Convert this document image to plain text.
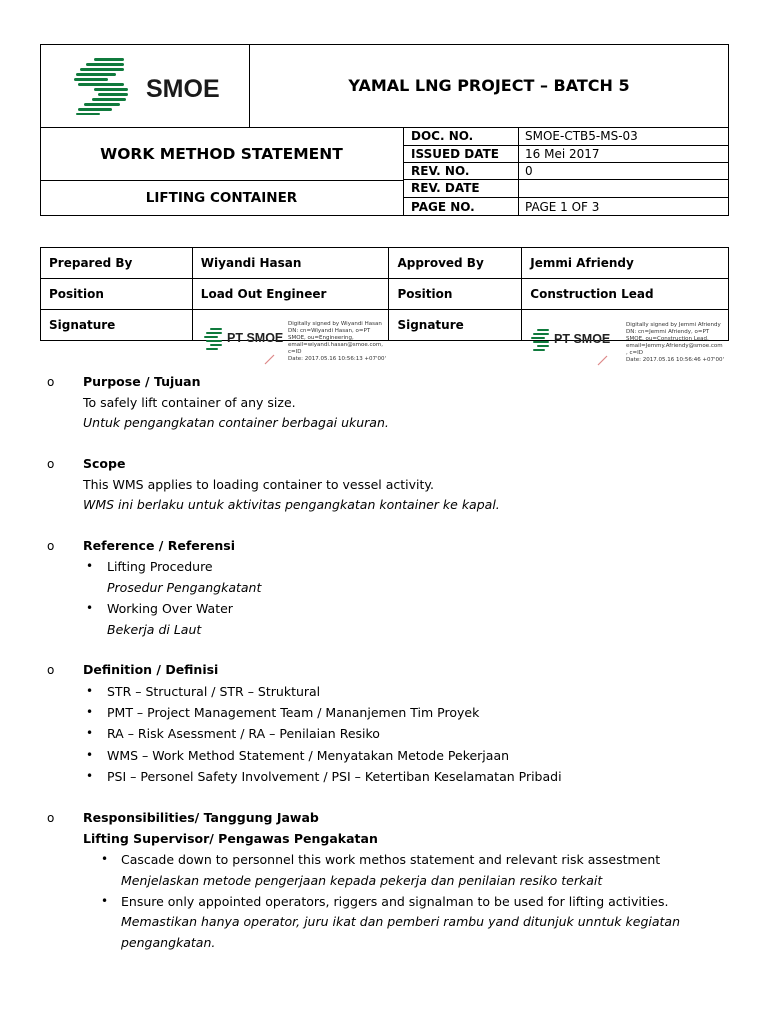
SMOE	YAMAL LNG PROJECT – BATCH 5
WORK METHOD STATEMENT
LIFTING CONTAINER
DOC. NO.	SMOE-CTB5-MS-03
ISSUED DATE 16 Mei 2017
REV. NO.	0
REV. DATE
PAGE NO.	PAGE 1 OF 3
Prepared By	Wiyandi Hasan	Approved By	Jemmi Afriendy
Position	Load Out Engineer	Position	Construction Lead
Signature		Signature	
PT SMOE
Digitally signed by Wiyandi Hasan
DN: cn=Wiyandi Hasan, o=PT
SMOE, ou=Engineering,
email=wiyandi.hasan@smoe.com,
c=ID
Date: 2017.05.16 10:56:13 +07'00'
PT SMOE
Digitally signed by Jemmi Afriendy
DN: cn=Jemmi Afriendy, o=PT
SMOE, ou=Construction Lead,
email=Jemmy.Afriendy@smoe.com
, c=ID
Date: 2017.05.16 10:56:46 +07'00'
o Purpose / Tujuan
To safely lift container of any size.
Untuk pengangkatan container berbagai ukuran.
o Scope
This WMS applies to loading container to vessel activity.
WMS ini berlaku untuk aktivitas pengangkatan kontainer ke kapal.
o Reference / Referensi
• Lifting Procedure
Prosedur Pengangkatant
• Working Over Water
Bekerja di Laut
o Definition / Definisi
• STR – Structural / STR – Struktural
• PMT – Project Management Team / Mananjemen Tim Proyek
• RA – Risk Asessment / RA – Penilaian Resiko
• WMS – Work Method Statement / Menyatakan Metode Pekerjaan
• PSI – Personel Safety Involvement / PSI – Ketertiban Keselamatan Pribadi
o Responsibilities/ Tanggung Jawab
Lifting Supervisor/ Pengawas Pengakatan
• Cascade down to personnel this work methos statement and relevant risk assestment
Menjelaskan metode pengerjaan kepada pekerja dan penilaian resiko terkait
• Ensure only appointed operators, riggers and signalman to be used for lifting activities.
Memastikan hanya operator, juru ikat dan pemberi rambu yand ditunjuk unntuk kegiatan
pengangkatan.
